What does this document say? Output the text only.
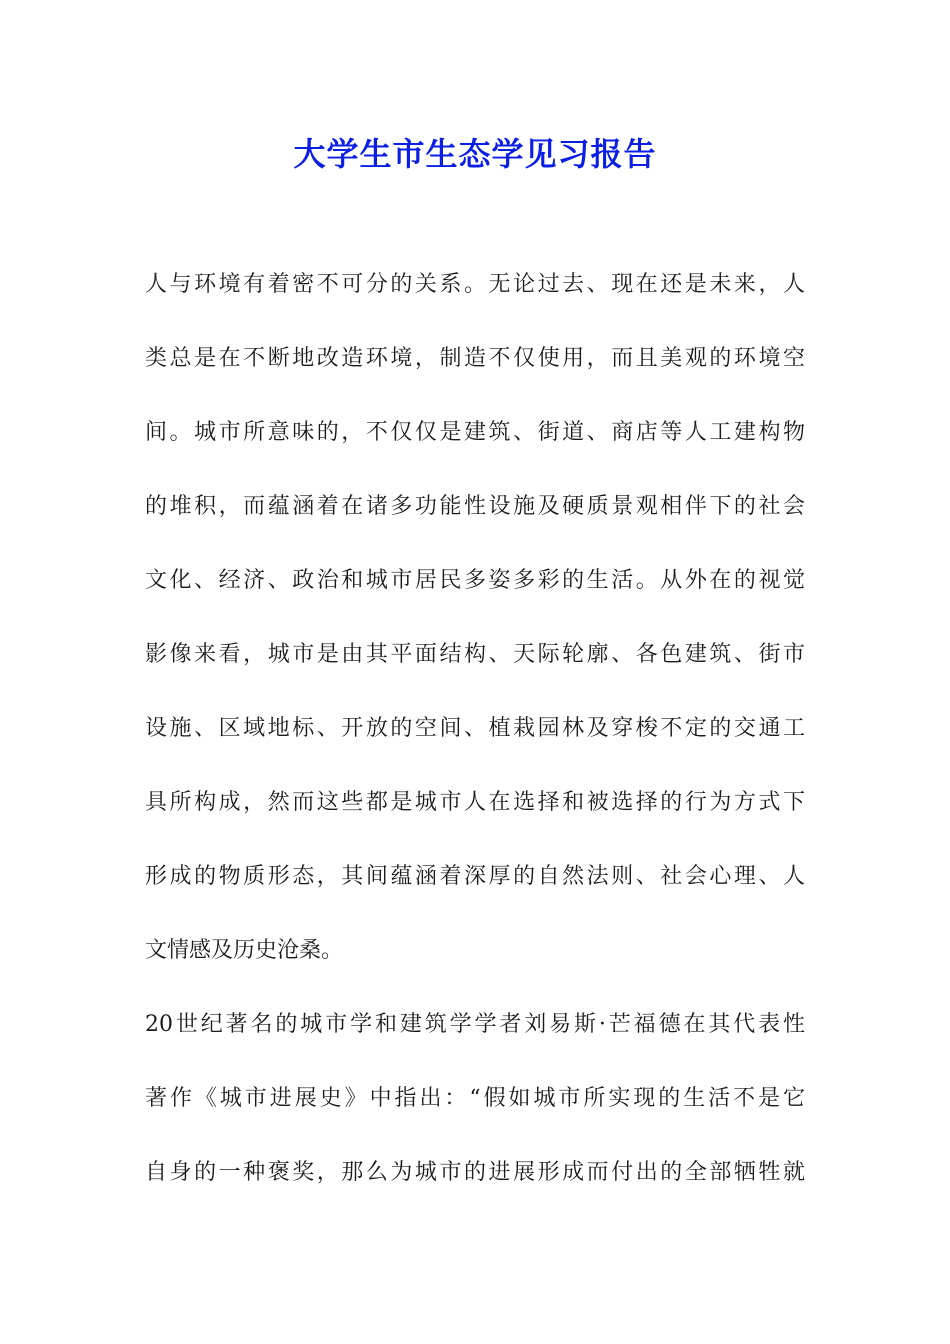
大学生市生态学见习报告
人与环境有着密不可分的关系。无论过去、现在还是未来，人
类总是在不断地改造环境，制造不仅使用，而且美观的环境空
间。城市所意味的，不仅仅是建筑、街道、商店等人工建构物
的堆积，而蕴涵着在诸多功能性设施及硬质景观相伴下的社会
文化、经济、政治和城市居民多姿多彩的生活。从外在的视觉
影像来看，城市是由其平面结构、天际轮廓、各色建筑、街市
设施、区域地标、开放的空间、植栽园林及穿梭不定的交通工
具所构成，然而这些都是城市人在选择和被选择的行为方式下
形成的物质形态，其间蕴涵着深厚的自然法则、社会心理、人
文情感及历史沧桑。
20世纪著名的城市学和建筑学学者刘易斯·芒福德在其代表性
著作《城市进展史》中指出：“假如城市所实现的生活不是它
自身的一种褒奖，那么为城市的进展形成而付出的全部牺牲就
